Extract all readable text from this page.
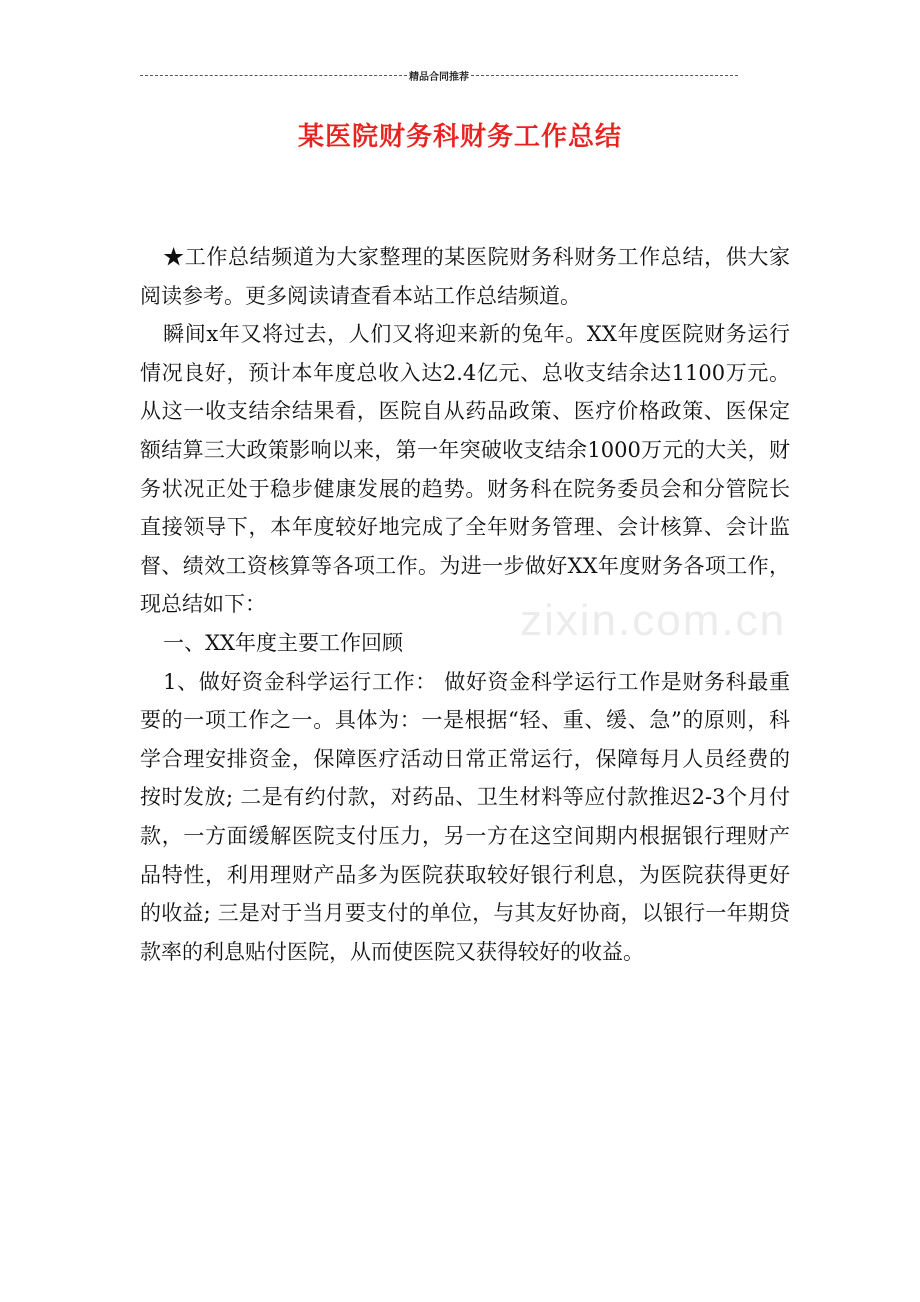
精品合同推荐
某医院财务科财务工作总结
zixin.com.cn

★工作总结频道为大家整理的某医院财务科财务工作总结，供大家阅读参考。更多阅读请查看本站工作总结频道。

瞬间x年又将过去，人们又将迎来新的兔年。XX年度医院财务运行情况良好，预计本年度总收入达2.4亿元、总收支结余达1100万元。从这一收支结余结果看，医院自从药品政策、医疗价格政策、医保定额结算三大政策影响以来，第一年突破收支结余1000万元的大关，财务状况正处于稳步健康发展的趋势。财务科在院务委员会和分管院长直接领导下，本年度较好地完成了全年财务管理、会计核算、会计监督、绩效工资核算等各项工作。为进一步做好XX年度财务各项工作，现总结如下：

一、XX年度主要工作回顾

1、做好资金科学运行工作： 做好资金科学运行工作是财务科最重要的一项工作之一。具体为：一是根据“轻、重、缓、急”的原则，科学合理安排资金，保障医疗活动日常正常运行，保障每月人员经费的按时发放; 二是有约付款，对药品、卫生材料等应付款推迟2-3个月付款，一方面缓解医院支付压力，另一方在这空间期内根据银行理财产品特性，利用理财产品多为医院获取较好银行利息，为医院获得更好的收益; 三是对于当月要支付的单位，与其友好协商，以银行一年期贷款率的利息贴付医院，从而使医院又获得较好的收益。
